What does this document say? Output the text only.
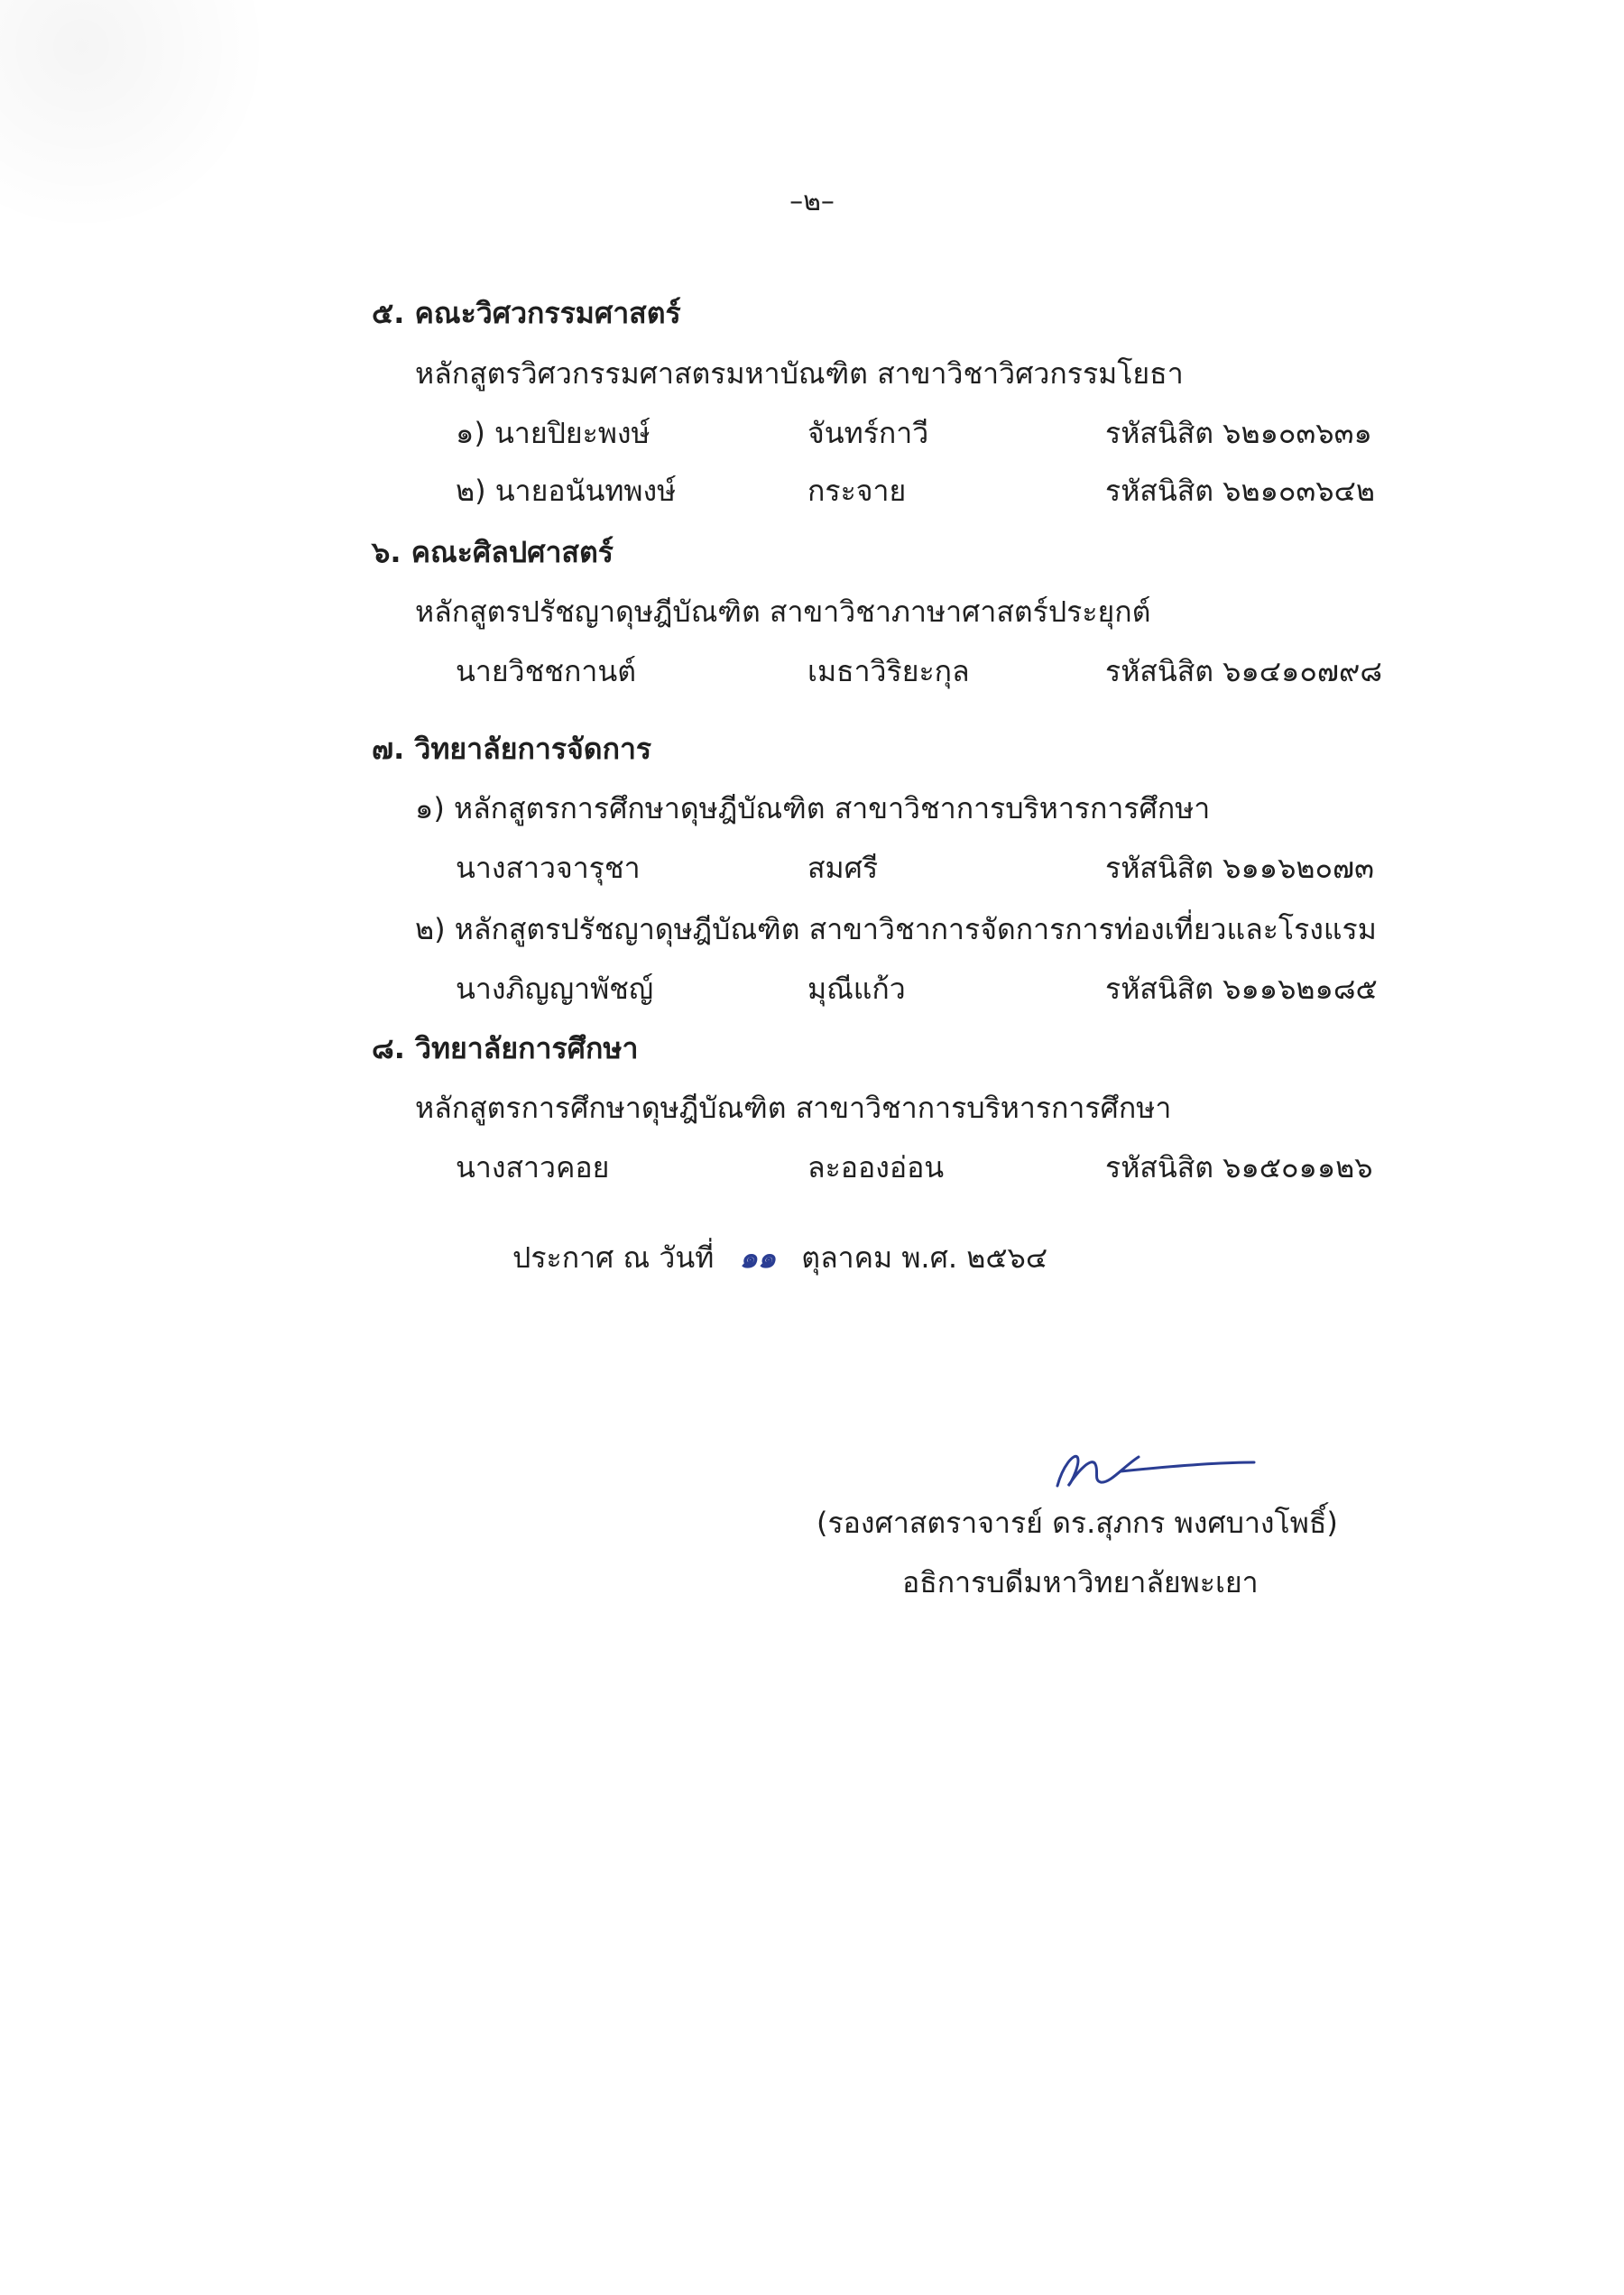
–๒–
๕. คณะวิศวกรรมศาสตร์
หลักสูตรวิศวกรรมศาสตรมหาบัณฑิต สาขาวิชาวิศวกรรมโยธา
๑) นายปิยะพงษ์	จันทร์กาวี	รหัสนิสิต ๖๒๑๐๓๖๓๑
๒) นายอนันทพงษ์	กระจาย	รหัสนิสิต ๖๒๑๐๓๖๔๒
๖. คณะศิลปศาสตร์
หลักสูตรปรัชญาดุษฎีบัณฑิต สาขาวิชาภาษาศาสตร์ประยุกต์
นายวิชชกานต์	เมธาวิริยะกุล	รหัสนิสิต ๖๑๔๑๐๗๙๘
๗. วิทยาลัยการจัดการ
๑) หลักสูตรการศึกษาดุษฎีบัณฑิต สาขาวิชาการบริหารการศึกษา
นางสาวจารุชา	สมศรี	รหัสนิสิต ๖๑๑๖๒๐๗๓
๒) หลักสูตรปรัชญาดุษฎีบัณฑิต สาขาวิชาการจัดการการท่องเที่ยวและโรงแรม
นางภิญญาพัชญ์	มุณีแก้ว	รหัสนิสิต ๖๑๑๖๒๑๘๕
๘. วิทยาลัยการศึกษา
หลักสูตรการศึกษาดุษฎีบัณฑิต สาขาวิชาการบริหารการศึกษา
นางสาวคอย	ละอองอ่อน	รหัสนิสิต ๖๑๕๐๑๑๒๖
ประกาศ ณ วันที่ ๑๑ ตุลาคม พ.ศ. ๒๕๖๔
(รองศาสตราจารย์ ดร.สุภกร พงศบางโพธิ์)
อธิการบดีมหาวิทยาลัยพะเยา
